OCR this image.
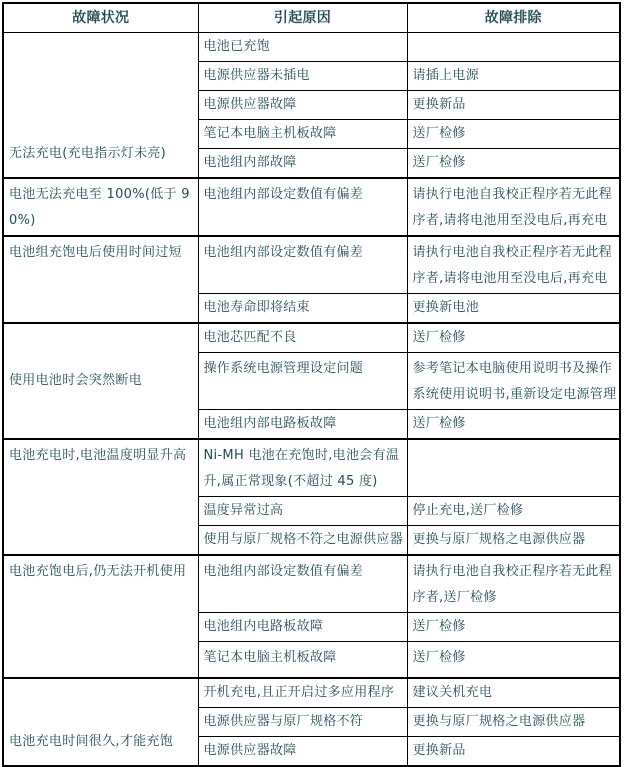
故障状况	引起原因	故障排除
无法充电(充电指示灯未亮)	电池已充饱	
	电源供应器未插电	请插上电源
	电源供应器故障	更换新品
	笔记本电脑主机板故障	送厂检修
	电池组内部故障	送厂检修
电池无法充电至 100%(低于 90%)	电池组内部设定数值有偏差	请执行电池自我校正程序若无此程序者,请将电池用至没电后,再充电
电池组充饱电后使用时间过短	电池组内部设定数值有偏差	请执行电池自我校正程序若无此程序者,请将电池用至没电后,再充电
	电池寿命即将结束	更换新电池
使用电池时会突然断电	电池芯匹配不良	送厂检修
	操作系统电源管理设定问题	参考笔记本电脑使用说明书及操作系统使用说明书,重新设定电源管理
	电池组内部电路板故障	送厂检修
电池充电时,电池温度明显升高	Ni-MH 电池在充饱时,电池会有温升,属正常现象(不超过 45 度)	
	温度异常过高	停止充电,送厂检修
	使用与原厂规格不符之电源供应器	更换与原厂规格之电源供应器
电池充饱电后,仍无法开机使用	电池组内部设定数值有偏差	请执行电池自我校正程序若无此程序者,送厂检修
	电池组内电路板故障	送厂检修
	笔记本电脑主机板故障	送厂检修
电池充电时间很久,才能充饱	开机充电,且正开启过多应用程序	建议关机充电
	电源供应器与原厂规格不符	更换与原厂规格之电源供应器
	电源供应器故障	更换新品
